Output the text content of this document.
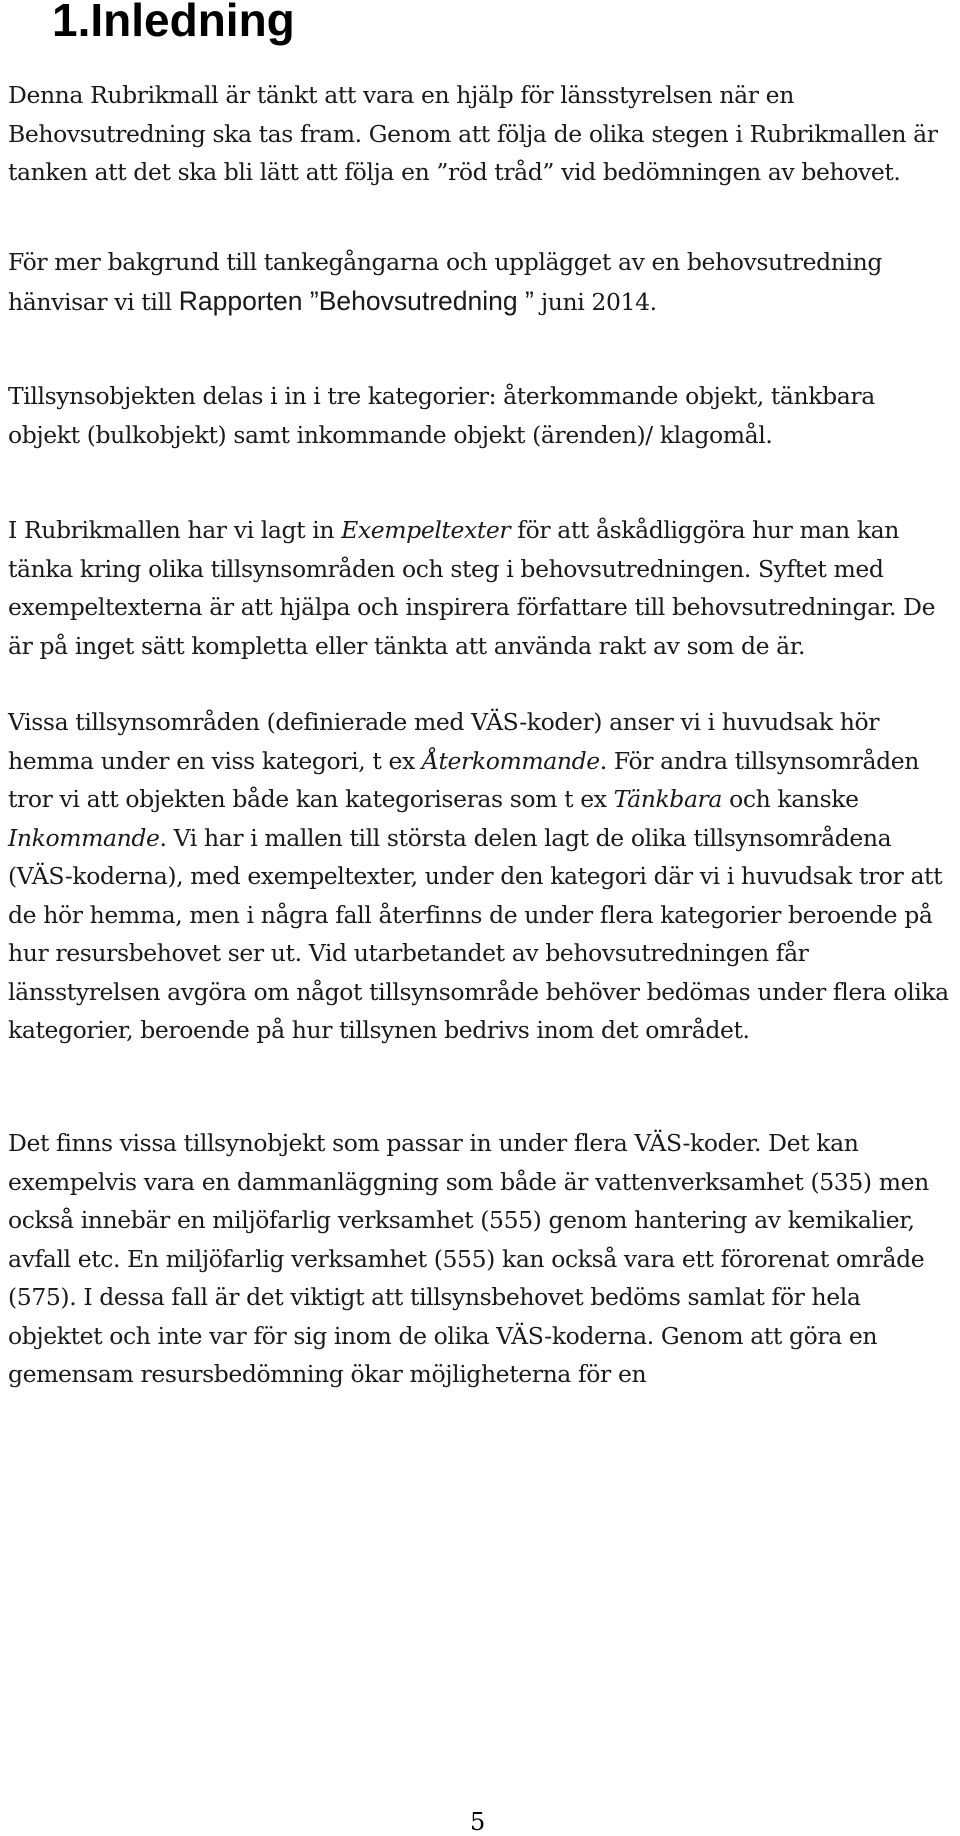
1.Inledning

Denna Rubrikmall är tänkt att vara en hjälp för länsstyrelsen när en Behovsutredning ska tas fram. Genom att följa de olika stegen i Rubrikmallen är tanken att det ska bli lätt att följa en ”röd tråd” vid bedömningen av behovet.

För mer bakgrund till tankegångarna och upplägget av en behovsutredning hänvisar vi till Rapporten ”Behovsutredning ” juni 2014.

Tillsynsobjekten delas i in i tre kategorier: återkommande objekt, tänkbara objekt (bulkobjekt) samt inkommande objekt (ärenden)/ klagomål.

I Rubrikmallen har vi lagt in Exempeltexter för att åskådliggöra hur man kan tänka kring olika tillsynsområden och steg i behovsutredningen. Syftet med exempeltexterna är att hjälpa och inspirera författare till behovsutredningar. De är på inget sätt kompletta eller tänkta att använda rakt av som de är.

Vissa tillsynsområden (definierade med VÄS-koder) anser vi i huvudsak hör hemma under en viss kategori, t ex Återkommande. För andra tillsynsområden tror vi att objekten både kan kategoriseras som t ex Tänkbara och kanske Inkommande. Vi har i mallen till största delen lagt de olika tillsynsområdena (VÄS-koderna), med exempeltexter, under den kategori där vi i huvudsak tror att de hör hemma, men i några fall återfinns de under flera kategorier beroende på hur resursbehovet ser ut. Vid utarbetandet av behovsutredningen får länsstyrelsen avgöra om något tillsynsområde behöver bedömas under flera olika kategorier, beroende på hur tillsynen bedrivs inom det området.

Det finns vissa tillsynobjekt som passar in under flera VÄS-koder. Det kan exempelvis vara en dammanläggning som både är vattenverksamhet (535) men också innebär en miljöfarlig verksamhet (555) genom hantering av kemikalier, avfall etc. En miljöfarlig verksamhet (555) kan också vara ett förorenat område (575). I dessa fall är det viktigt att tillsynsbehovet bedöms samlat för hela objektet och inte var för sig inom de olika VÄS-koderna. Genom att göra en gemensam resursbedömning ökar möjligheterna för en

5
